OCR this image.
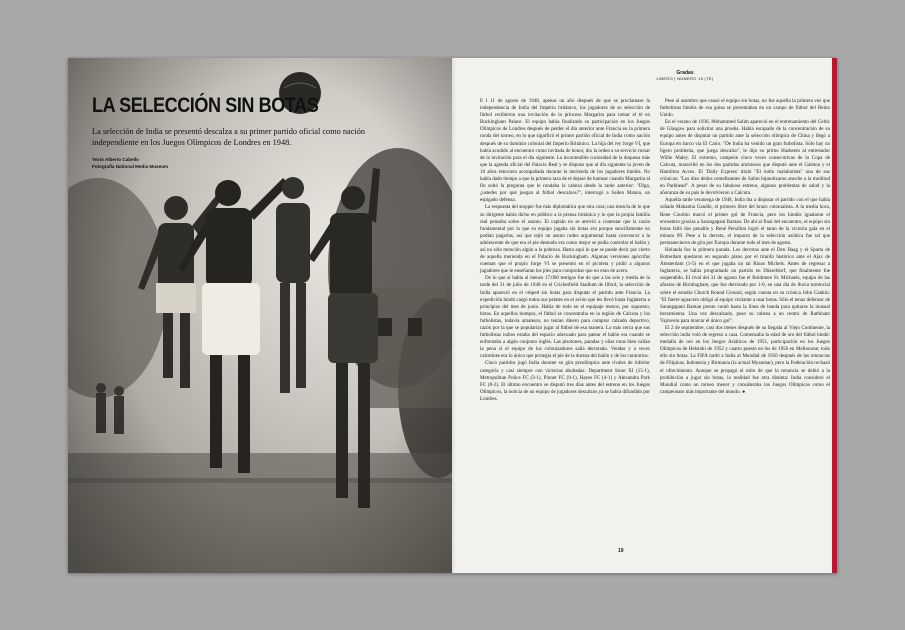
LA SELECCIÓN SIN BOTAS

La selección de India se presentó descalza a su primer partido oficial como nación independiente en los Juegos Olímpicos de Londres en 1948.

Texto Alberto Cabello
Fotografía National Media Museum
Gradas
LIBERO | NÚMERO 15 (TE)

E l 11 de agosto de 1948, apenas un año después de que se proclamase la independencia de India del Imperio británico, los jugadores de su selección de fútbol recibieron una invitación de la princesa Margarita para tomar el té en Buckingham Palace. El equipo había finalizado su participación en los Juegos Olímpicos de Londres después de perder el día anterior ante Francia en la primera ronda del torneo, en lo que significó el primer partido oficial de India como nación después de su dominio colonial del Imperio Británico. La hija del rey Jorge VI, que había acudido al encuentro como invitada de honor, dio la orden a su servicio cursar de la invitación para el día siguiente. La incontenible curiosidad de la duquesa más que la agenda oficial del Palacio Real y se dispuso que al día siguiente la joven de 18 años estuviera acompañada durante la merienda de los jugadores hindús. No había dado tiempo a que la primera taza de té dejase de humear cuando Margarita al fin soltó la pregunta que le rondaba la cabeza desde la tarde anterior: "Diga, ¿ustedes por qué juegan al fútbol descalzos?", interrogó a Sailen Manna, un espigado defensa.

La respuesta del stopper fue más diplomática que otra cosa; una mezcla de lo que su dirigente había dicho en público a la prensa británica y lo que la propia familia real pensaba sobre el asunto. El capitán no se atrevió a contestar que la razón fundamental por la que su equipo jugaba sin botas era porque sencillamente no podían pagarlas, así que tejió un astuto rodeo argumental hasta convencer a la adolescente de que era el pie desnudo era como mejor se podía controlar el balón y así no sólo mención algún a la pobreza. Hasta aquí lo que se puede decir por cierto de aquella merienda en el Palacio de Buckingham. Algunas versiones apócrifas cuentan que el propio Jorge VI se presentó en el picoleta y pidió a algunos jugadores que le enseñaran los pies para comprobar que no eran de acero.

De lo que sí había al menos 17.000 testigos fue de que a las seis y media de la tarde del 31 de julio de 1948 en el Cricketfield Stadium de Ilford, la selección de India apareció en el césped sin botas para disputar el partido ante Francia. La expedición hindú cargó todos sus petates en el avión que les llevó hasta Inglaterra a principios del mes de junio. Había de todo en el equipaje menos, por supuesto, botas. En aquellos tiempos, el fútbol se concentraba en la región de Calcuta y los futbolistas, todavía amateurs, no tenían dinero para comprar calzado deportivo, razón por la que se popularizó jugar al fútbol de esa manera. Lo más cerca que sus futbolistas indios estaba del espacio adecuado para patear el balón era cuando se enfrentaba a algún conjunto inglés. Las pisotones, patadas y uñas rotas bien valían la pena si el equipo de los colonizadores salía derrotado. Vendas y a veces calcetines era lo único que protegía el pie de la dureza del balón y de los contrarios.

Cinco partidos jugó India durante su gira preolímpica ante rivales de inferior categoría y casi siempre con victorias abultadas: Department Store XI (15-1), Metropolitan Police FC (3-1), Pinner FC (9-1), Hayes FC (4-1) y Alexandra Park FC (8-2). El último encuentro se disputó tres días antes del estreno en los Juegos Olímpicos, la noticia de un equipo de jugadores descalzos ya se había difundido por Londres.

Pese al asombro que causó el equipo sin botas, no fue aquella la primera vez que futbolistas hindús de esa guisa se presentaban en un campo de fútbol del Reino Unido.

En el verano de 1936, Mohammed Salim apareció en el entrenamiento del Celtic de Glasgow para solicitar una prueba. Había escapado de la concentración de su equipo antes de disputar un partido ante la selección olímpica de China y llegó a Europa en barco vía El Cairo. "De India ha venido un gran futbolista. Sólo hay un ligero problema, que juega descalzo", le dijo su primo Hasheem al entrenador Willie Maley. El extremo, campeón cinco veces consecutivas de la Copa de Calcuta, maravilló en los dos partidos amistosos que disputó ante el Galston y el Hamilton Acces. El 'Daily Express' tituló "El indio malabarista" una de sus crónicas; "Los diez dedos centelleantes de Salim hipnotizaron anoche a la multitud en Parkhead". A pesar de su fabuloso estreno, algunos problemas de salud y la añoranza de su país le devolvieron a Calcuta.

Aquella tarde veraniega de 1948, India iba a disputar el partido con el que había soñado Mahatma Gandhi, el primero libre del brazo colonialista. A la media hora, Rene Courbin marcó el primer gol de Francia, pero los hindús igualaron el encuentro gracias a Sarangapani Raman. De ahí al final del encuentro, el equipo sin botas falló dos penaltis y René Persillon logró el tanto de la victoria gala en el minuto 89. Pese a la derrota, el impacto de la selección asiática fue tal que permanecieron de gira por Europa durante todo el mes de agosto.

Holanda fue la primera parada. Los derrotas ante el Den Haag y el Sparta de Rotterdam quedaron en segundo plano por el triunfo histórico ante el Ajax de Ámsterdam (1-5) en el que jugaba un tal Rinus Michels. Antes de regresar a Inglaterra, se había programado un partido en Düsseldorf, que finalmente fue suspendido. El rival del 31 de agosto fue el Boldmere St. Michaels, equipo de las afueras de Birmingham, que fue derrotado por 1-0, en una día de lluvia torrencial sobre el estadio Church Round Ground, según cuenta en su crónica John Cankin: "El fuerte aguacero obligó al equipo visitante a usar botas. Sólo el tenaz defensor de Sarangapani Raman presto contó hasta la línea de banda para quitarse la inusual herramienta. Una vez descalzado, puso su cabeza a un centro de Rathinam Vajravelu para marcar el único gol".

El 2 de septiembre, casi dos meses después de su llegada al Viejo Continente, la selección india voló de regreso a casa. Comenzaba la edad de oro del fútbol hindú: medalla de oro en los Juegos Asiáticos de 1951, participación en los Juegos Olímpicos de Helsinki de 1952 y cuarto puesto en los de 1956 en Melbourne; todo ello sin botas. La FIFA tardó a India al Mundial de 1950 después de las renuncias de Filipinas, Indonesia y Birmania (la actual Myanmar), pero la Federación rechazó el ofrecimiento. Aunque se propagó el mito de que la renuncia se debió a la prohibición a jugar sin botas, la realidad fue otra distinta: India consideró el Mundial como un torneo menor y consideraba los Juegos Olímpicos como el campeonato más importante del mundo. ●

19
